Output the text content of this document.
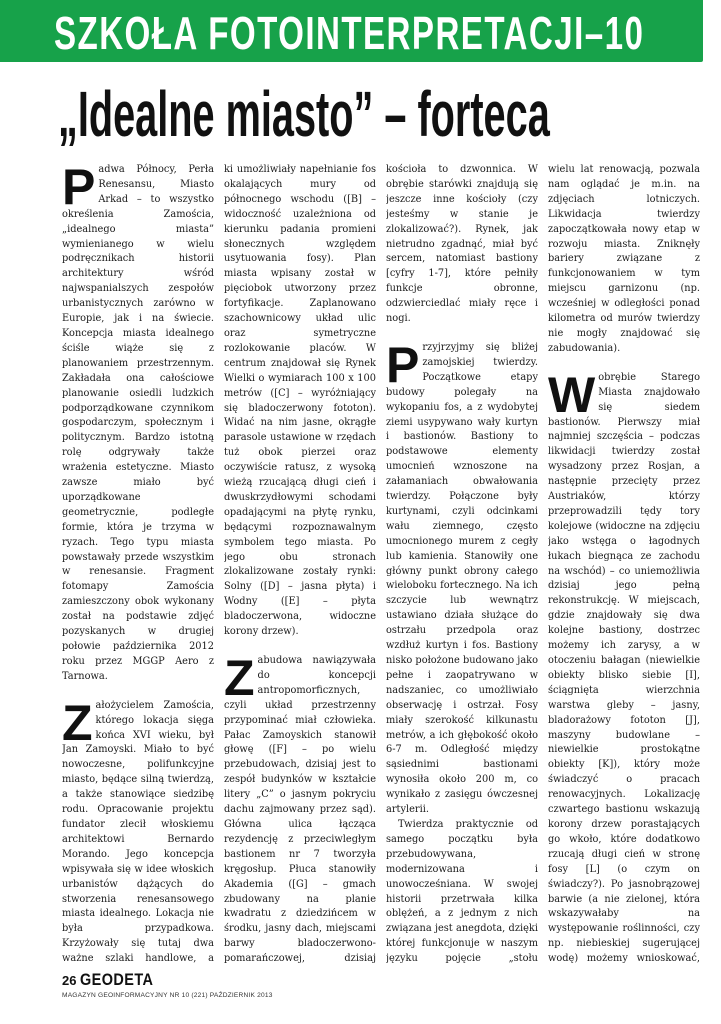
SZKOŁA FOTOINTERPRETACJI–10
„Idealne miasto” – forteca

Padwa Północy, Perła Renesansu, Miasto Arkad – to wszystko określenia Zamościa, „idealnego miasta” wymienianego w wielu podręcznikach historii architektury wśród najwspanialszych zespołów urbanistycznych zarówno w Europie, jak i na świecie. Koncepcja miasta idealnego ściśle wiąże się z planowaniem przestrzennym. Zakładała ona całościowe planowanie osiedli ludzkich podporządkowane czynnikom gospodarczym, społecznym i politycznym. Bardzo istotną rolę odgrywały także wrażenia estetyczne. Miasto zawsze miało być uporządkowane geometrycznie, podległe formie, która je trzyma w ryzach. Tego typu miasta powstawały przede wszystkim w renesansie. Fragment fotomapy Zamościa zamieszczony obok wykonany został na podstawie zdjęć pozyskanych w drugiej połowie października 2012 roku przez MGGP Aero z Tarnowa.

Założycielem Zamościa, którego lokacja sięga końca XVI wieku, był Jan Zamoyski. Miało to być nowoczesne, polifunkcyjne miasto, będące silną twierdzą, a także stanowiące siedzibę rodu. Opracowanie projektu fundator zlecił włoskiemu architektowi Bernardo Morando. Jego koncepcja wpisywała się w idee włoskich urbanistów dążących do stworzenia renesansowego miasta idealnego. Lokacja nie była przypadkowa. Krzyżowały się tutaj dwa ważne szlaki handlowe, a

ki umożliwiały napełnianie fos okalających mury od północnego wschodu ([B] – widoczność uzależniona od kierunku padania promieni słonecznych względem usytuowania fosy). Plan miasta wpisany został w pięciobok utworzony przez fortyfikacje. Zaplanowano szachownicowy układ ulic oraz symetryczne rozlokowanie placów. W centrum znajdował się Rynek Wielki o wymiarach 100 x 100 metrów ([C] – wyróżniający się bladoczerwony fototon). Widać na nim jasne, okrągłe parasole ustawione w rzędach tuż obok pierzei oraz oczywiście ratusz, z wysoką wieżą rzucającą długi cień i dwuskrzydłowymi schodami opadającymi na płytę rynku, będącymi rozpoznawalnym symbolem tego miasta. Po jego obu stronach zlokalizowane zostały rynki: Solny ([D] – jasna płyta) i Wodny ([E] – płyta bladoczerwona, widoczne korony drzew).

Zabudowa nawiązywała do koncepcji antropomorficznych, czyli układ przestrzenny przypominać miał człowieka. Pałac Zamoyskich stanowił głowę ([F] – po wielu przebudowach, dzisiaj jest to zespół budynków w kształcie litery „C” o jasnym pokryciu dachu zajmowany przez sąd). Główna ulica łącząca rezydencję z przeciwległym bastionem nr 7 tworzyła kręgosłup. Płuca stanowiły Akademia ([G] – gmach zbudowany na planie kwadratu z dziedzińcem w środku, jasny dach, miejscami barwy bladoczerwono-pomarańczowej, dzisiaj

kościoła to dzwonnica. W obrębie starówki znajdują się jeszcze inne kościoły (czy jesteśmy w stanie je zlokalizować?). Rynek, jak nietrudno zgadnąć, miał być sercem, natomiast bastiony [cyfry 1-7], które pełniły funkcje obronne, odzwierciedlać miały ręce i nogi.

Przyjrzyjmy się bliżej zamojskiej twierdzy. Początkowe etapy budowy polegały na wykopaniu fos, a z wydobytej ziemi usypywano wały kurtyn i bastionów. Bastiony to podstawowe elementy umocnień wznoszone na załamaniach obwałowania twierdzy. Połączone były kurtynami, czyli odcinkami wału ziemnego, często umocnionego murem z cegły lub kamienia. Stanowiły one główny punkt obrony całego wieloboku fortecznego. Na ich szczycie lub wewnątrz ustawiano działa służące do ostrzału przedpola oraz wzdłuż kurtyn i fos. Bastiony nisko położone budowano jako pełne i zaopatrywano w nadszaniec, co umożliwiało obserwację i ostrzał. Fosy miały szerokość kilkunastu metrów, a ich głębokość około 6-7 m. Odległość między sąsiednimi bastionami wynosiła około 200 m, co wynikało z zasięgu ówczesnej artylerii.

Twierdza praktycznie od samego początku była przebudowywana, modernizowana i unowocześniana. W swojej historii przetrwała kilka oblężeń, a z jednym z nich związana jest anegdota, dzięki której funkcjonuje w naszym języku pojęcie „stołu

wielu lat renowacją, pozwala nam oglądać je m.in. na zdjęciach lotniczych. Likwidacja twierdzy zapoczątkowała nowy etap w rozwoju miasta. Zniknęły bariery związane z funkcjonowaniem w tym miejscu garnizonu (np. wcześniej w odległości ponad kilometra od murów twierdzy nie mogły znajdować się zabudowania).

Wobrębie Starego Miasta znajdowało się siedem bastionów. Pierwszy miał najmniej szczęścia – podczas likwidacji twierdzy został wysadzony przez Rosjan, a następnie przecięty przez Austriaków, którzy przeprowadzili tędy tory kolejowe (widoczne na zdjęciu jako wstęga o łagodnych łukach biegnąca ze zachodu na wschód) – co uniemożliwia dzisiaj jego pełną rekonstrukcję. W miejscach, gdzie znajdowały się dwa kolejne bastiony, dostrzec możemy ich zarysy, a w otoczeniu bałagan (niewielkie obiekty blisko siebie [I], ściągnięta wierzchnia warstwa gleby – jasny, bladorażowy fototon [J], maszyny budowlane – niewielkie prostokątne obiekty [K]), który może świadczyć o pracach renowacyjnych. Lokalizację czwartego bastionu wskazują korony drzew porastających go wkoło, które dodatkowo rzucają długi cień w stronę fosy [L] (o czym on świadczy?). Po jasnobrązowej barwie (a nie zielonej, która wskazywałaby na występowanie roślinności, czy np. niebieskiej sugerującej wodę) możemy wnioskować,

26 GEODETA
MAGAZYN GEOINFORMACYJNY NR 10 (221) PAŹDZIERNIK 2013
